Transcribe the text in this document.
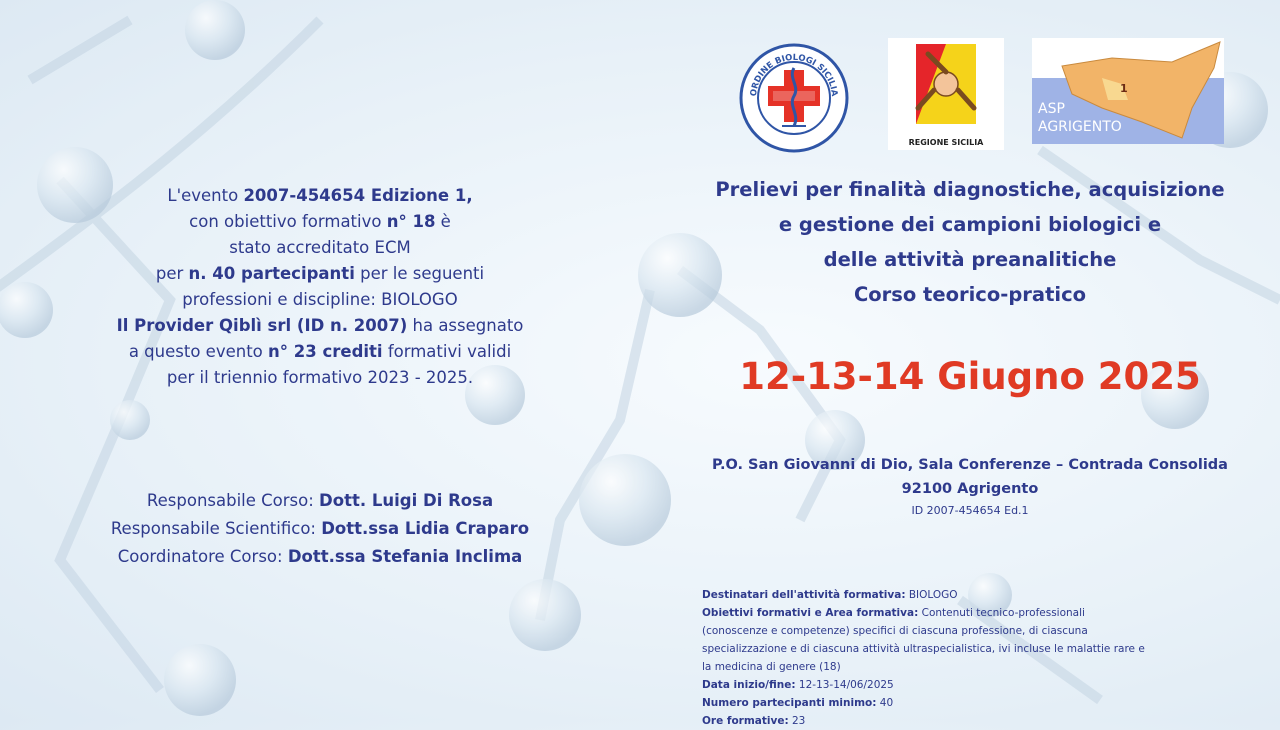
L'evento 2007-454654 Edizione 1,
con obiettivo formativo n° 18 è
stato accreditato ECM
per n. 40 partecipanti per le seguenti
professioni e discipline: BIOLOGO
Il Provider Qiblì srl (ID n. 2007) ha assegnato
a questo evento n° 23 crediti formativi validi
per il triennio formativo 2023 - 2025.
Responsabile Corso: Dott. Luigi Di Rosa
Responsabile Scientifico: Dott.ssa Lidia Craparo
Coordinatore Corso: Dott.ssa Stefania Inclima
ORDINE BIOLOGI SICILIA
REGIONE SICILIA
1
ASP
AGRIGENTO
Prelievi per finalità diagnostiche, acquisizione
e gestione dei campioni biologici e
delle attività preanalitiche
Corso teorico-pratico
12-13-14 Giugno 2025
P.O. San Giovanni di Dio, Sala Conferenze – Contrada Consolida
92100 Agrigento
ID 2007-454654 Ed.1
Destinatari dell'attività formativa: BIOLOGO
Obiettivi formativi e Area formativa: Contenuti tecnico-professionali
(conoscenze e competenze) specifici di ciascuna professione, di ciascuna
specializzazione e di ciascuna attività ultraspecialistica, ivi incluse le malattie rare e
la medicina di genere (18)
Data inizio/fine: 12-13-14/06/2025
Numero partecipanti minimo: 40
Ore formative: 23
